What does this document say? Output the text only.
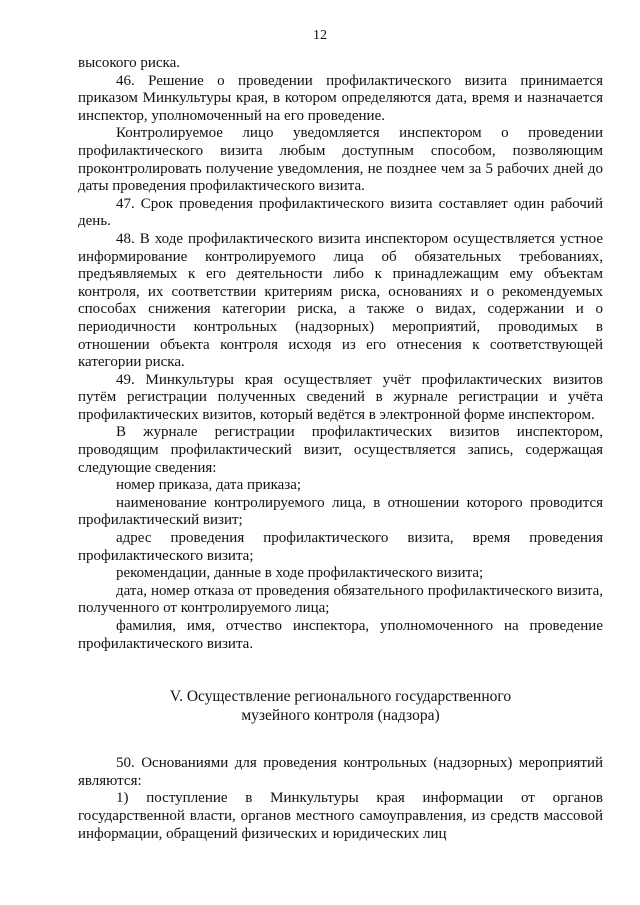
12

высокого риска.

46. Решение о проведении профилактического визита принимается приказом Минкультуры края, в котором определяются дата, время и назначается инспектор, уполномоченный на его проведение.

Контролируемое лицо уведомляется инспектором о проведении профилактического визита любым доступным способом, позволяющим проконтролировать получение уведомления, не позднее чем за 5 рабочих дней до даты проведения профилактического визита.

47. Срок проведения профилактического визита составляет один рабочий день.

48. В ходе профилактического визита инспектором осуществляется устное информирование контролируемого лица об обязательных требованиях, предъявляемых к его деятельности либо к принадлежащим ему объектам контроля, их соответствии критериям риска, основаниях и о рекомендуемых способах снижения категории риска, а также о видах, содержании и о периодичности контрольных (надзорных) мероприятий, проводимых в отношении объекта контроля исходя из его отнесения к соответствующей категории риска.

49. Минкультуры края осуществляет учёт профилактических визитов путём регистрации полученных сведений в журнале регистрации и учёта профилактических визитов, который ведётся в электронной форме инспектором.

В журнале регистрации профилактических визитов инспектором, проводящим профилактический визит, осуществляется запись, содержащая следующие сведения:

номер приказа, дата приказа;

наименование контролируемого лица, в отношении которого проводится профилактический визит;

адрес проведения профилактического визита, время проведения профилактического визита;

рекомендации, данные в ходе профилактического визита;

дата, номер отказа от проведения обязательного профилактического визита, полученного от контролируемого лица;

фамилия, имя, отчество инспектора, уполномоченного на проведение профилактического визита.

V. Осуществление регионального государственного
музейного контроля (надзора)

50. Основаниями для проведения контрольных (надзорных) мероприятий являются:

1) поступление в Минкультуры края информации от органов государственной власти, органов местного самоуправления, из средств массовой информации, обращений физических и юридических лиц
